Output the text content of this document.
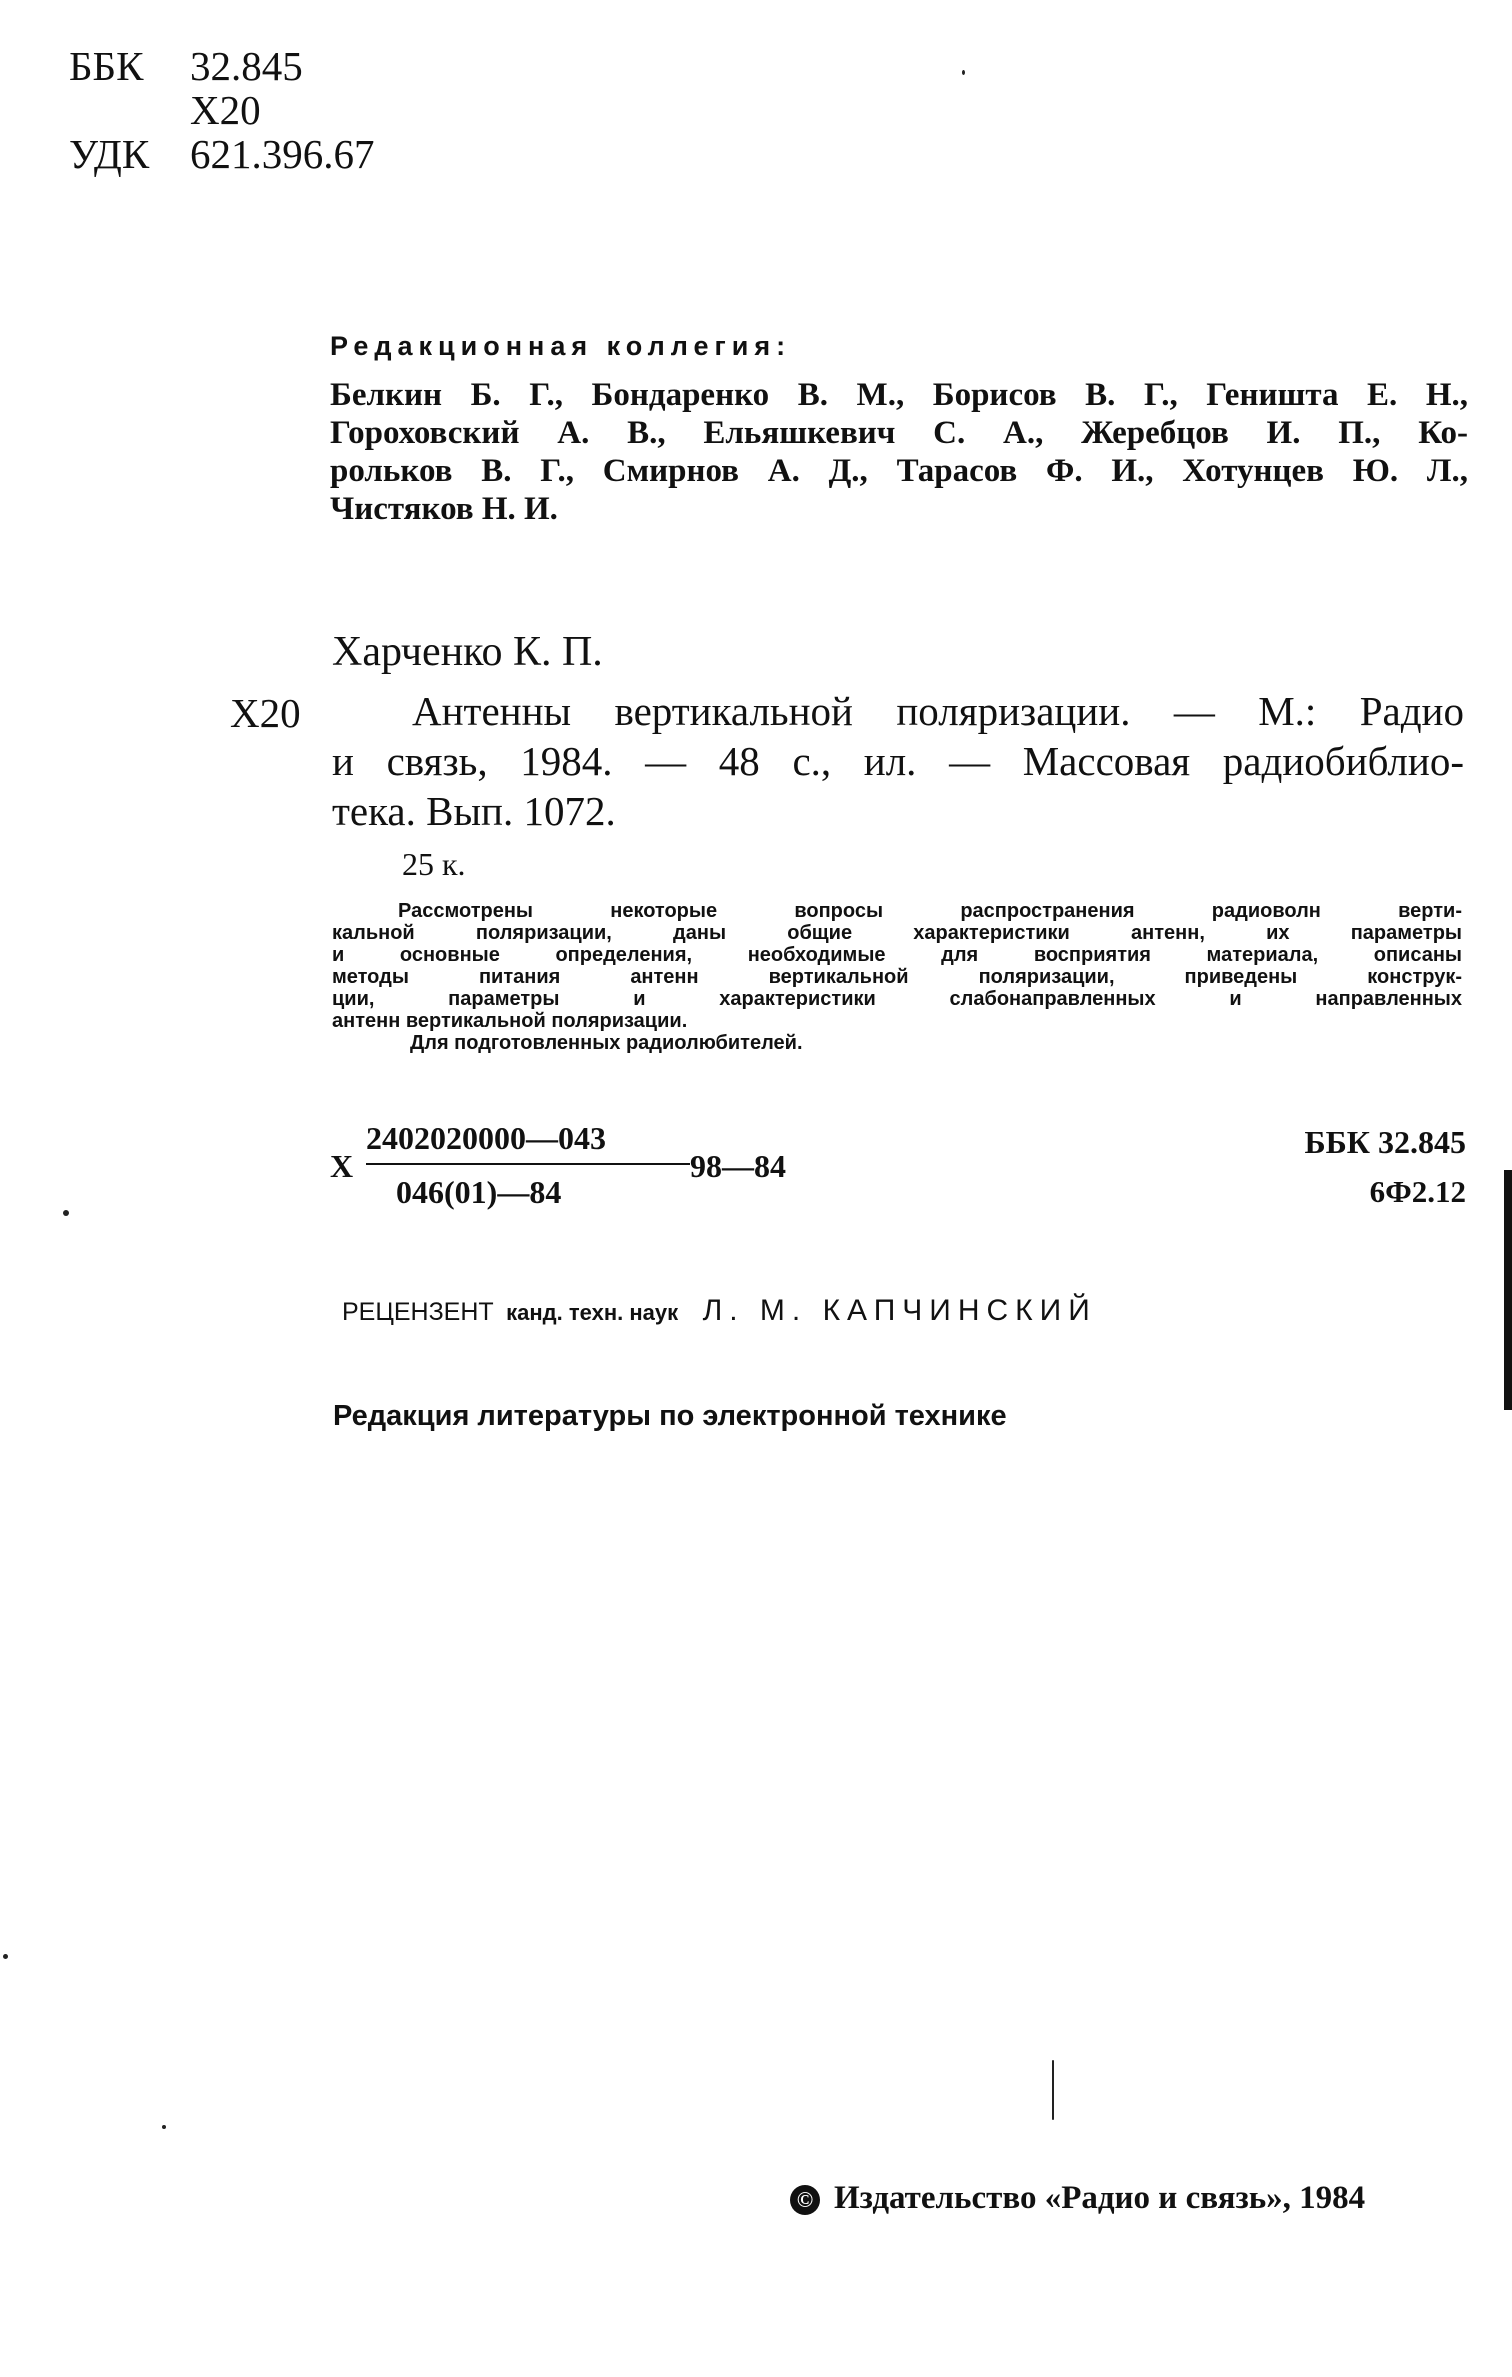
ББК 32.845
Х20
УДК 621.396.67
Редакционная коллегия:
Белкин Б. Г., Бондаренко В. М., Борисов В. Г., Геништа Е. Н.,
Гороховский А. В., Ельяшкевич С. А., Жеребцов И. П., Ко-
рольков В. Г., Смирнов А. Д., Тарасов Ф. И., Хотунцев Ю. Л.,
Чистяков Н. И.
Харченко К. П.
Х20	Антенны вертикальной поляризации. — М.: Радио
и связь, 1984. — 48 с., ил. — Массовая радиобиблио-
тека. Вып. 1072.
25 к.
Рассмотрены некоторые вопросы распространения радиоволн верти-
кальной поляризации, даны общие характеристики антенн, их параметры
и основные определения, необходимые для восприятия материала, описаны
методы питания антенн вертикальной поляризации, приведены конструк-
ции, параметры и характеристики слабонаправленных и направленных
антенн вертикальной поляризации.
Для подготовленных радиолюбителей.
Х
2402020000—043
046(01)—84
98—84
ББК 32.845
6Ф2.12
РЕЦЕНЗЕНТ канд. техн. наук Л. М. КАПЧИНСКИЙ
Редакция литературы по электронной технике
© Издательство «Радио и связь», 1984
